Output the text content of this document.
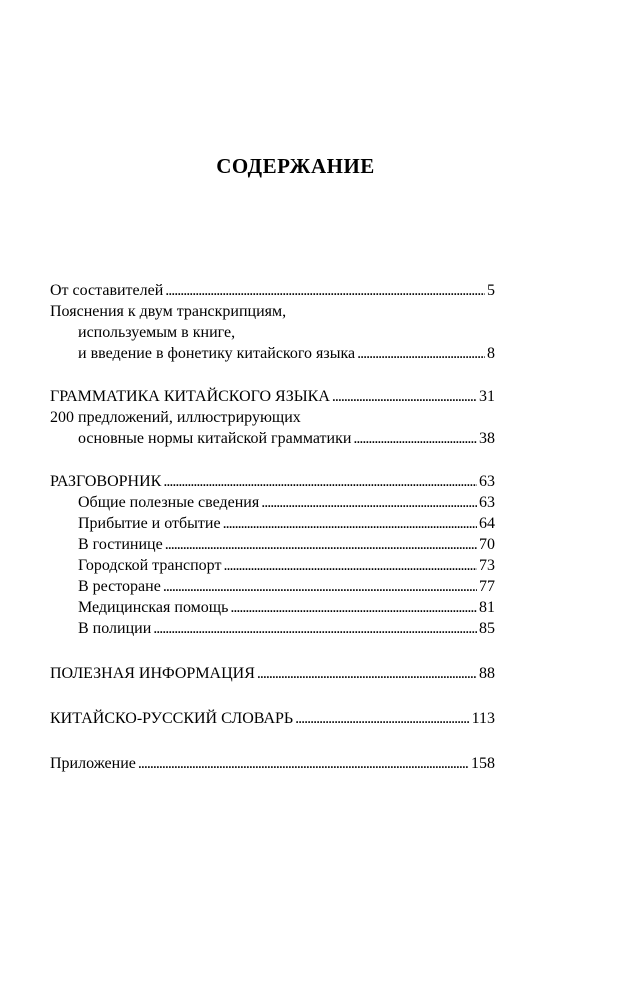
СОДЕРЖАНИЕ
От составителей . . .	5
Пояснения к двум транскрипциям,
используемым в книге,
и введение в фонетику китайского языка . . .	8
ГРАММАТИКА КИТАЙСКОГО ЯЗЫКА . . .	31
200 предложений, иллюстрирующих
основные нормы китайской грамматики . . .	38
РАЗГОВОРНИК . . .	63
Общие полезные сведения . . .	63
Прибытие и отбытие . . .	64
В гостинице . . .	70
Городской транспорт . . .	73
В ресторане . . .	77
Медицинская помощь . . .	81
В полиции . . .	85
ПОЛЕЗНАЯ ИНФОРМАЦИЯ . . .	88
КИТАЙСКО-РУССКИЙ СЛОВАРЬ . . .	113
Приложение . . .	158
